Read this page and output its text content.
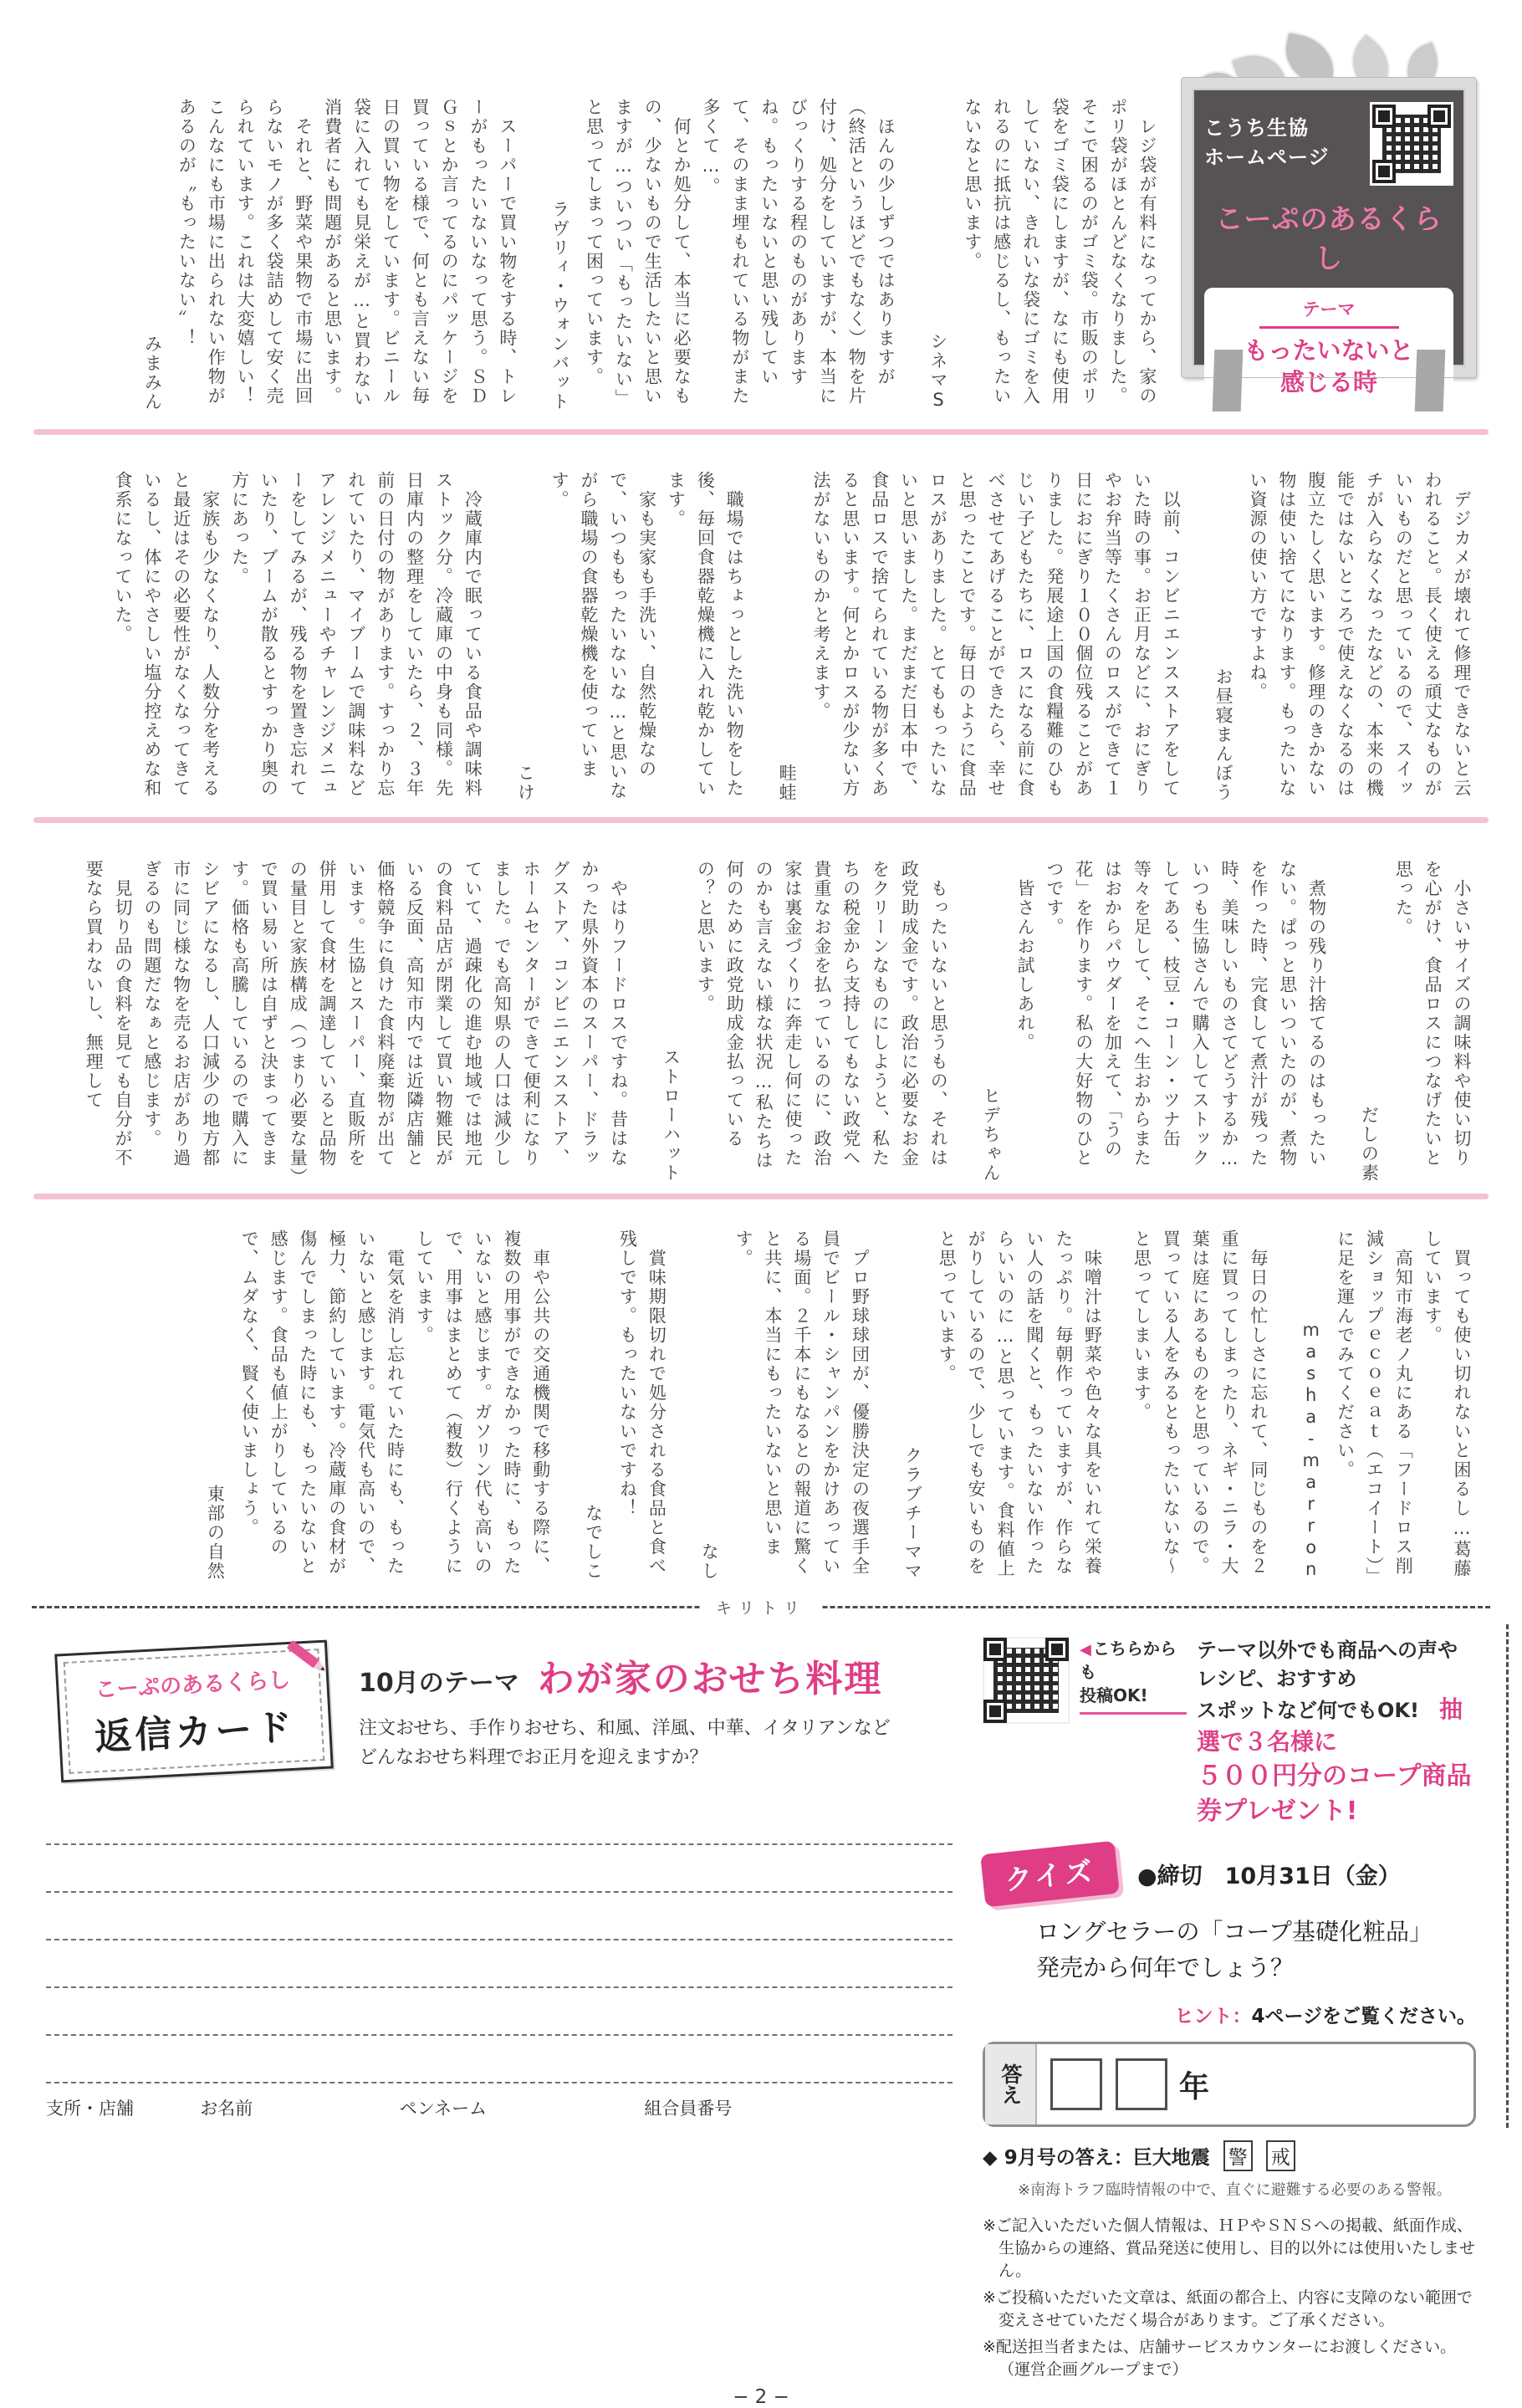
こうち生協
ホームページ
こーぷのあるくらし
テーマ
もったいないと
感じる時

　レジ袋が有料になってから、家のポリ袋がほとんどなくなりました。そこで困るのがゴミ袋。市販のポリ袋をゴミ袋にしますが、なにも使用していない、きれいな袋にゴミを入れるのに抵抗は感じるし、もったいないなと思います。

シネマS

　ほんの少しずつではありますが（終活というほどでもなく）物を片付け、処分をしていますが、本当にびっくりする程のものがありますね。もったいないと思い残していて、そのまま埋もれている物がまた多くて…。

　何とか処分して、本当に必要なもの、少ないもので生活したいと思いますが…ついつい「もったいない」と思ってしまって困っています。

ラヴリィ・ウォンバット

　スーパーで買い物をする時、トレーがもったいないなって思う。ＳＤＧｓとか言ってるのにパッケージを買っている様で、何とも言えない毎日の買い物をしています。ビニール袋に入れても見栄えが…と買わない消費者にも問題があると思います。

　それと、野菜や果物で市場に出回らないモノが多く袋詰めして安く売られています。これは大変嬉しい！こんなにも市場に出られない作物があるのが〝もったいない〟！

みまみん

　デジカメが壊れて修理できないと云われること。長く使える頑丈なものがいいものだと思っているので、スイッチが入らなくなったなどの、本来の機能ではないところで使えなくなるのは腹立たしく思います。修理のきかない物は使い捨てになります。もったいない資源の使い方ですよね。

お昼寝まんぼう

　以前、コンビニエンスストアをしていた時の事。お正月などに、おにぎりやお弁当等たくさんのロスができて１日におにぎり１００個位残ることがありました。発展途上国の食糧難のひもじい子どもたちに、ロスになる前に食べさせてあげることができたら、幸せと思ったことです。毎日のように食品ロスがありました。とてももったいないと思いました。まだまだ日本中で、食品ロスで捨てられている物が多くあると思います。何とかロスが少ない方法がないものかと考えます。

畦蛙

　職場ではちょっとした洗い物をした後、毎回食器乾燥機に入れ乾かしています。

　家も実家も手洗い、自然乾燥なので、いつももったいないな…と思いながら職場の食器乾燥機を使っています。

こけ

　冷蔵庫内で眠っている食品や調味料ストック分。冷蔵庫の中身も同様。先日庫内の整理をしていたら、２、３年前の日付の物があります。すっかり忘れていたり、マイブームで調味料などアレンジメニューやチャレンジメニューをしてみるが、残る物を置き忘れていたり、ブームが散るとすっかり奥の方にあった。

　家族も少なくなり、人数分を考えると最近はその必要性がなくなってきているし、体にやさしい塩分控えめな和食系になっていた。

　小さいサイズの調味料や使い切りを心がけ、食品ロスにつなげたいと思った。

だしの素

　煮物の残り汁捨てるのはもったいない。ぱっと思いついたのが、煮物を作った時、完食して煮汁が残った時、美味しいものさてどうするか…いつも生協さんで購入してストックしてある、枝豆・コーン・ツナ缶等々を足して、そこへ生おからまたはおからパウダーを加えて、「うの花」を作ります。私の大好物のひとつです。

　皆さんお試しあれ。

ヒデちゃん

　もったいないと思うもの、それは政党助成金です。政治に必要なお金をクリーンなものにしようと、私たちの税金から支持してもない政党へ貴重なお金を払っているのに、政治家は裏金づくりに奔走し何に使ったのかも言えない様な状況…私たちは何のために政党助成金払っているの？と思います。

ストローハット

　やはりフードロスですね。昔はなかった県外資本のスーパー、ドラッグストア、コンビニエンスストア、ホームセンターができて便利になりました。でも高知県の人口は減少していて、過疎化の進む地域では地元の食料品店が閉業して買い物難民がいる反面、高知市内では近隣店舗と価格競争に負けた食料廃棄物が出ています。生協とスーパー、直販所を併用して食材を調達していると品物の量目と家族構成（つまり必要な量）で買い易い所は自ずと決まってきます。価格も高騰しているので購入にシビアになるし、人口減少の地方都市に同じ様な物を売るお店があり過ぎるのも問題だなぁと感じます。

　見切り品の食料を見ても自分が不要なら買わないし、無理して

　買っても使い切れないと困るし…葛藤しています。

　高知市海老ノ丸にある「フードロス削減ショップｅｃｏｅａｔ（エコイート）」に足を運んでみてください。

masha-marron

　毎日の忙しさに忘れて、同じものを２重に買ってしまったり、ネギ・ニラ・大葉は庭にあるものをと思っているので。買っている人をみるともったいないな～と思ってしまいます。

　味噌汁は野菜や色々な具をいれて栄養たっぷり。毎朝作っていますが、作らない人の話を聞くと、もったいない作ったらいいのに…と思っています。食料値上がりしているので、少しでも安いものをと思っています。

クラブチーママ

　プロ野球球団が、優勝決定の夜選手全員でビール・シャンパンをかけあっている場面。２千本にもなるとの報道に驚くと共に、本当にもったいないと思います。

なし

　賞味期限切れで処分される食品と食べ残しです。もったいないですね！

なでしこ

　車や公共の交通機関で移動する際に、複数の用事ができなかった時に、もったいないと感じます。ガソリン代も高いので、用事はまとめて（複数）行くようにしています。

　電気を消し忘れていた時にも、もったいないと感じます。電気代も高いので、極力、節約しています。冷蔵庫の食材が傷んでしまった時にも、もったいないと感じます。食品も値上がりしているので、ムダなく、賢く使いましょう。

東部の自然
キリトリ
こーぷのあるくらし
返信カード
10月のテーマ わが家のおせち料理
注文おせち、手作りおせち、和風、洋風、中華、イタリアンなど
どんなおせち料理でお正月を迎えますか？
支所・店舗	お名前	ペンネーム	組合員番号
◀ こちらからも
投稿OK!
テーマ以外でも商品への声やレシピ、おすすめ
スポットなど何でもOK!　抽選で３名様に
５００円分のコープ商品券プレゼント!
クイズ	●締切　10月31日（金）
ロングセラーの「コープ基礎化粧品」
発売から何年でしょう？
ヒント：4ページをご覧ください。
答え	年
◆ 9月号の答え：巨大地震 警 戒
※南海トラフ臨時情報の中で、直ぐに避難する必要のある警報。
※ご記入いただいた個人情報は、ＨＰやＳＮＳへの掲載、紙面作成、生協からの連絡、賞品発送に使用し、目的以外には使用いたしません。
※ご投稿いただいた文章は、紙面の都合上、内容に支障のない範囲で変えさせていただく場合があります。ご了承ください。
※配送担当者または、店舗サービスカウンターにお渡しください。（運営企画グループまで）
− 2 −
